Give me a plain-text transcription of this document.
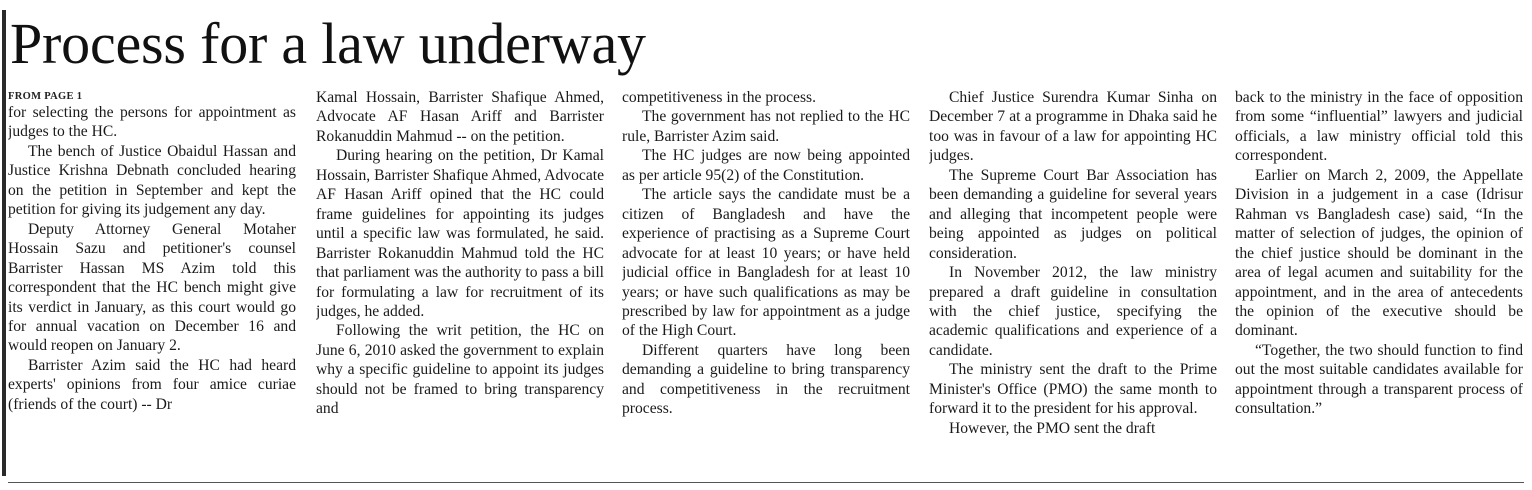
Process for a law underway
FROM PAGE 1

for selecting the persons for appointment as judges to the HC.

The bench of Justice Obaidul Hassan and Justice Krishna Debnath concluded hearing on the petition in September and kept the petition for giving its judgement any day.

Deputy Attorney General Motaher Hossain Sazu and petitioner's counsel Barrister Hassan MS Azim told this correspondent that the HC bench might give its verdict in January, as this court would go for annual vacation on December 16 and would reopen on January 2.

Barrister Azim said the HC had heard experts' opinions from four amice curiae (friends of the court) -- Dr

Kamal Hossain, Barrister Shafique Ahmed, Advocate AF Hasan Ariff and Barrister Rokanuddin Mahmud -- on the petition.

During hearing on the petition, Dr Kamal Hossain, Barrister Shafique Ahmed, Advocate AF Hasan Ariff opined that the HC could frame guidelines for appointing its judges until a specific law was formulated, he said. Barrister Rokanuddin Mahmud told the HC that parliament was the authority to pass a bill for formulating a law for recruitment of its judges, he added.

Following the writ petition, the HC on June 6, 2010 asked the government to explain why a specific guideline to appoint its judges should not be framed to bring transparency and

competitiveness in the process.

The government has not replied to the HC rule, Barrister Azim said.

The HC judges are now being appointed as per article 95(2) of the Constitution.

The article says the candidate must be a citizen of Bangladesh and have the experience of practising as a Supreme Court advocate for at least 10 years; or have held judicial office in Bangladesh for at least 10 years; or have such qualifications as may be prescribed by law for appointment as a judge of the High Court.

Different quarters have long been demanding a guideline to bring transparency and competitiveness in the recruitment process.

Chief Justice Surendra Kumar Sinha on December 7 at a programme in Dhaka said he too was in favour of a law for appointing HC judges.

The Supreme Court Bar Association has been demanding a guideline for several years and alleging that incompetent people were being appointed as judges on political consideration.

In November 2012, the law ministry prepared a draft guideline in consultation with the chief justice, specifying the academic qualifications and experience of a candidate.

The ministry sent the draft to the Prime Minister's Office (PMO) the same month to forward it to the president for his approval.

However, the PMO sent the draft

back to the ministry in the face of opposition from some “influential” lawyers and judicial officials, a law ministry official told this correspondent.

Earlier on March 2, 2009, the Appellate Division in a judgement in a case (Idrisur Rahman vs Bangladesh case) said, “In the matter of selection of judges, the opinion of the chief justice should be dominant in the area of legal acumen and suitability for the appointment, and in the area of antecedents the opinion of the executive should be dominant.

“Together, the two should function to find out the most suitable candidates available for appointment through a transparent process of consultation.”
